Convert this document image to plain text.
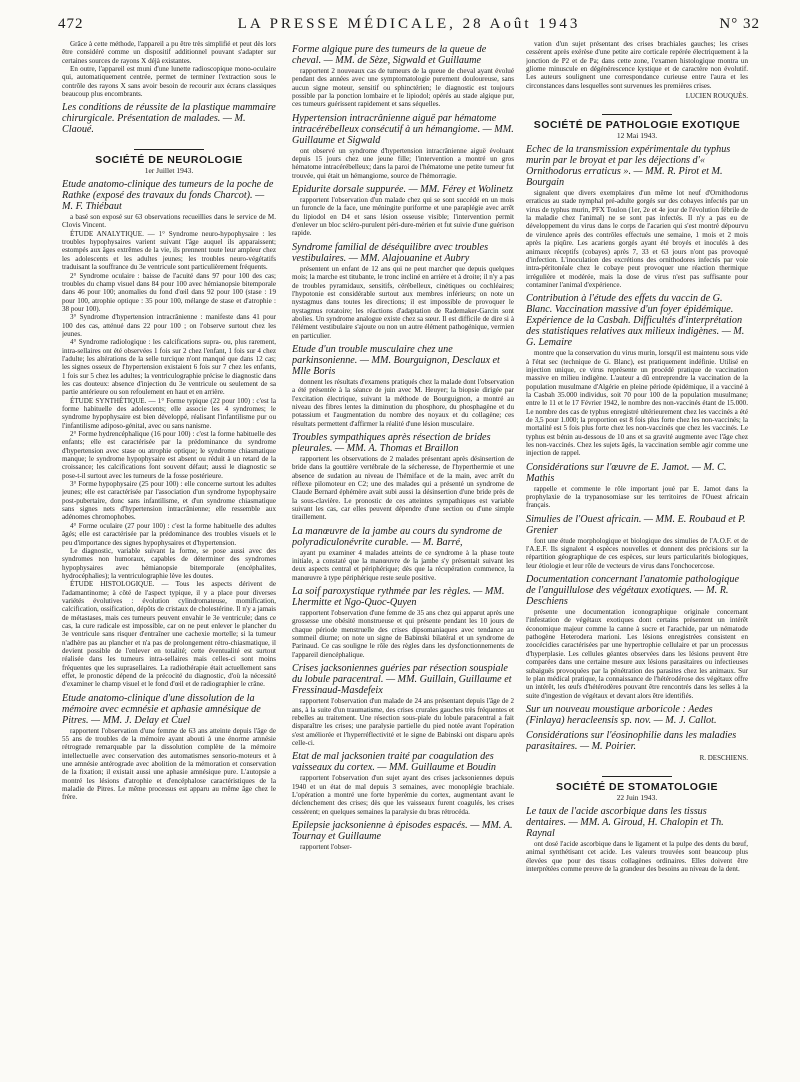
472	LA PRESSE MÉDICALE, 28 Août 1943	N° 32

Grâce à cette méthode, l'appareil a pu être très simplifié et peut dès lors être considéré comme un dispositif additionnel pouvant s'adapter sur certaines sources de rayons X déjà existantes.

En outre, l'appareil est muni d'une lunette radioscopique mono-oculaire qui, automatiquement centrée, permet de terminer l'extraction sous le contrôle des rayons X sans avoir besoin de recourir aux écrans classiques beaucoup plus encombrants.

Les conditions de réussite de la plastique mammaire chirurgicale. Présentation de malades. — M. Claoué.
SOCIÉTÉ DE NEUROLOGIE
1er Juillet 1943.
Etude anatomo-clinique des tumeurs de la poche de Rathke (exposé des travaux du fonds Charcot). — M. F. Thiébaut

a basé son exposé sur 63 observations recueillies dans le service de M. Clovis Vincent.

ÉTUDE ANALYTIQUE. — 1° Syndrome neuro-hypophysaire : les troubles hypophysaires varient suivant l'âge auquel ils apparaissent; estompés aux âges extrêmes de la vie, ils prennent toute leur ampleur chez les adolescents et les adultes jeunes; les troubles neuro-végétatifs traduisant la souffrance du 3e ventricule sont particulièrement fréquents.

2° Syndrome oculaire : baisse de l'acuité dans 97 pour 100 des cas; troubles du champ visuel dans 84 pour 100 avec hémianopsie bitemporale dans 46 pour 100; anomalies du fond d'œil dans 92 pour 100 (stase : 19 pour 100, atrophie optique : 35 pour 100, mélange de stase et d'atrophie : 38 pour 100).

3° Syndrome d'hypertension intracrânienne : manifeste dans 41 pour 100 des cas, atténué dans 22 pour 100 ; on l'observe surtout chez les jeunes.

4° Syndrome radiologique : les calcifications supra- ou, plus rarement, intra-sellaires ont été observées 1 fois sur 2 chez l'enfant, 1 fois sur 4 chez l'adulte; les altérations de la selle turcique n'ont manqué que dans 12 cas; les signes osseux de l'hypertension existaient 6 fois sur 7 chez les enfants, 1 fois sur 5 chez les adultes; la ventriculographie précise le diagnostic dans les cas douteux: absence d'injection du 3e ventricule ou seulement de sa partie antérieure ou son refoulement en haut et en arrière.

ÉTUDE SYNTHÉTIQUE. — 1° Forme typique (22 pour 100) : c'est la forme habituelle des adolescents; elle associe les 4 syndromes; le syndrome hypophysaire est bien développé, réalisant l'infantilisme pur ou l'infantilisme adiposo-génital, avec ou sans nanisme.

2° Forme hydrencéphalique (16 pour 100) : c'est la forme habituelle des enfants; elle est caractérisée par la prédominance du syndrome d'hypertension avec stase ou atrophie optique; le syndrome chiasmatique manque; le syndrome hypophysaire est absent ou réduit à un retard de la croissance; les calcifications font souvent défaut; aussi le diagnostic se pose-t-il surtout avec les tumeurs de la fosse postérieure.

3° Forme hypophysaire (25 pour 100) : elle concerne surtout les adultes jeunes; elle est caractérisée par l'association d'un syndrome hypophysaire post-pubertaire, donc sans infantilisme, et d'un syndrome chiasmatique sans signes nets d'hypertension intracrânienne; elle ressemble aux adénomes chromophobes.

4° Forme oculaire (27 pour 100) : c'est la forme habituelle des adultes âgés; elle est caractérisée par la prédominance des troubles visuels et le peu d'importance des signes hypophysaires et d'hypertension.

Le diagnostic, variable suivant la forme, se pose aussi avec des syndromes non humoraux, capables de déterminer des syndromes hypophysaires avec hémianopsie bitemporale (encéphalites, hydrocéphalies); la ventriculographie lève les doutes.

ÉTUDE HISTOLOGIQUE. — Tous les aspects dérivent de l'adamantinome; à côté de l'aspect typique, il y a place pour diverses variétés évolutives : évolution cylindromateuse, momification, calcification, ossification, dépôts de cristaux de cholestérine. Il n'y a jamais de métastases, mais ces tumeurs peuvent envahir le 3e ventricule; dans ce cas, la cure radicale est impossible, car on ne peut enlever le plancher du 3e ventricule sans risquer d'entraîner une cachexie mortelle; si la tumeur n'adhère pas au plancher et n'a pas de prolongement rétro-chiasmatique, il devient possible de l'enlever en totalité; cette éventualité est surtout réalisée dans les tumeurs intra-sellaires mais celles-ci sont moins fréquentes que les suprasellaires. La radiothérapie était actuellement sans effet, le pronostic dépend de la précocité du diagnostic, d'où la nécessité d'examiner le champ visuel et le fond d'œil et de radiographier le crâne.

Etude anatomo-clinique d'une dissolution de la mémoire avec ecmnésie et aphasie amnésique de Pitres. — MM. J. Delay et Cuel

rapportent l'observation d'une femme de 63 ans atteinte depuis l'âge de 55 ans de troubles de la mémoire ayant abouti à une énorme amnésie rétrograde remarquable par la dissolution complète de la mémoire intellectuelle avec conservation des automatismes sensorio-moteurs et à une amnésie antérograde avec abolition de la mémoration et conservation de la fixation; il existait aussi une aphasie amnésique pure. L'autopsie a montré les lésions d'atrophie et d'encéphalose caractéristiques de la maladie de Pitres. Le même processus est apparu au même âge chez le frère.

Forme algique pure des tumeurs de la queue de cheval. — MM. de Sèze, Sigwald et Guillaume

rapportent 2 nouveaux cas de tumeurs de la queue de cheval ayant évolué pendant des années avec une symptomatologie purement douloureuse, sans aucun signe moteur, sensitif ou sphinctérien; le diagnostic est toujours possible par la ponction lombaire et le lipiodol; opérés au stade algique pur, ces tumeurs guérissent rapidement et sans séquelles.

Hypertension intracrânienne aiguë par hématome intracérébelleux consécutif à un hémangiome. — MM. Guillaume et Sigwald

ont observé un syndrome d'hypertension intracrânienne aiguë évoluant depuis 15 jours chez une jeune fille; l'intervention a montré un gros hématome intracérébelleux; dans la paroi de l'hématome une petite tumeur fut trouvée, qui était un hémangiome, source de l'hémorragie.

Epidurite dorsale suppurée. — MM. Férey et Wolinetz

rapportent l'observation d'un malade chez qui se sont succédé en un mois un furoncle de la face, une méningite puriforme et une paraplégie avec arrêt du lipiodol en D4 et sans lésion osseuse visible; l'intervention permit d'enlever un bloc scléro-purulent péri-dure-mérien et fut suivie d'une guérison rapide.

Syndrome familial de déséquilibre avec troubles vestibulaires. — MM. Alajouanine et Aubry

présentent un enfant de 12 ans qui ne peut marcher que depuis quelques mois; la marche est titubante, le tronc incliné en arrière et à droite; il n'y a pas de troubles pyramidaux, sensitifs, cérébelleux, cinétiques ou cochléaires; l'hypotonie est considérable surtout aux membres inférieurs; on note un nystagmus dans toutes les directions; il est impossible de provoquer le nystagmus rotatoire; les réactions d'adaptation de Rademaker-Garcin sont abolies. Un syndrome analogue existe chez sa sœur. Il est difficile de dire si à l'élément vestibulaire s'ajoute ou non un autre élément pathogénique, vermien en particulier.

Etude d'un trouble musculaire chez une parkinsonienne. — MM. Bourguignon, Desclaux et Mlle Boris

donnent les résultats d'examens pratiqués chez la malade dont l'observation a été présentée à la séance de juin avec M. Heuyer; la biopsie dirigée par l'excitation électrique, suivant la méthode de Bourguignon, a montré au niveau des fibres lentes la diminution du phosphore, du phosphagène et du potassium et l'augmentation du nombre des noyaux et du collagène; ces résultats permettent d'affirmer la réalité d'une lésion musculaire.

Troubles sympathiques après résection de brides pleurales. — MM. A. Thomas et Braillon

rapportent les observations de 2 malades présentant après désinsertion de bride dans la gouttière vertébrale de la sécheresse, de l'hyperthermie et une absence de sudation au niveau de l'hémiface et de la main, avec arrêt du réflexe pilomoteur en C2; une des malades qui a présenté un syndrome de Claude Bernard éphémère avait subi aussi la désinsertion d'une bride près de la sous-clavière. Le pronostic de ces atteintes sympathiques est variable suivant les cas, car elles peuvent dépendre d'une section ou d'une simple tiraillement.

La manœuvre de la jambe au cours du syndrome de polyradiculonévrite curable. — M. Barré,

ayant pu examiner 4 malades atteints de ce syndrome à la phase toute initiale, a constaté que la manœuvre de la jambe s'y présentait suivant les deux aspects central et périphérique; dès que la récupération commence, la manœuvre à type périphérique reste seule positive.

La soif paroxystique rythmée par les règles. — MM. Lhermitte et Ngo-Quoc-Quyen

rapportent l'observation d'une femme de 35 ans chez qui apparut après une grossesse une obésité monstrueuse et qui présente pendant les 10 jours de chaque période menstruelle des crises dipsomaniaques avec tendance au sommeil diurne; on note un signe de Babinski bilatéral et un syndrome de Parinaud. Ce cas souligne le rôle des règles dans les dysfonctionnements de l'appareil diencéphalique.

Crises jacksoniennes guéries par résection souspiale du lobule paracentral. — MM. Guillain, Guillaume et Fressinaud-Masdefeix

rapportent l'observation d'un malade de 24 ans présentant depuis l'âge de 2 ans, à la suite d'un traumatisme, des crises crurales gauches très fréquentes et rebelles au traitement. Une résection sous-piale du lobule paracentral a fait disparaître les crises; une paralysie partielle du pied notée avant l'opération s'est améliorée et l'hyperréflectivité et le signe de Babinski ont disparu après celle-ci.

Etat de mal jacksonien traité par coagulation des vaisseaux du cortex. — MM. Guillaume et Boudin

rapportent l'observation d'un sujet ayant des crises jacksoniennes depuis 1940 et un état de mal depuis 3 semaines, avec monoplégie brachiale. L'opération a montré une forte hyperémie du cortex, augmentant avant le déclenchement des crises; dès que les vaisseaux furent coagulés, les crises cessèrent; en quelques semaines la paralysie du bras rétrocéda.

Epilepsie jacksonienne à épisodes espacés. — MM. A. Tournay et Guillaume

rapportent l'obser-

vation d'un sujet présentant des crises brachiales gauches; les crises cessèrent après exérèse d'une petite aire corticale repérée électriquement à la jonction de P2 et de Pa; dans cette zone, l'examen histologique montra un gliome minuscule en dégénérescence kystique et de caractère non évolutif. Les auteurs soulignent une correspondance curieuse entre l'aura et les circonstances dans lesquelles sont survenues les premières crises.

LUCIEN ROUQUÈS.
SOCIÉTÉ DE PATHOLOGIE EXOTIQUE
12 Mai 1943.
Echec de la transmission expérimentale du typhus murin par le broyat et par les déjections d'« Ornithodorus erraticus ». — MM. R. Pirot et M. Bourgain

signalent que divers exemplaires d'un même lot neuf d'Ornithodorus erraticus au stade nymphal pré-adulte gorgés sur des cobayes infectés par un virus de typhus murin, PFX Toulon (1er, 2e et 4e jour de l'évolution fébrile de la maladie chez l'animal) ne se sont pas infectés. Il n'y a pas eu de développement du virus dans le corps de l'acarien qui s'est montré dépourvu de virulence après des contrôles effectués une semaine, 1 mois et 2 mois après la piqûre. Les acariens gorgés ayant été broyés et inoculés à des animaux réceptifs (cobayes) après 7, 33 et 63 jours n'ont pas provoqué d'infection. L'inoculation des excrétions des ornithodores infectés par voie intra-péritonéale chez le cobaye peut provoquer une réaction thermique irrégulière et modérée, mais la dose de virus n'est pas suffisante pour contaminer l'animal d'expérience.

Contribution à l'étude des effets du vaccin de G. Blanc. Vaccination massive d'un foyer épidémique. Expérience de la Casbah. Difficultés d'interprétation des statistiques relatives aux milieux indigènes. — M. G. Lemaire

montre que la conservation du virus murin, lorsqu'il est maintenu sous vide à l'état sec (technique de G. Blanc), est pratiquement indéfinie. Utilisé en injection unique, ce virus représente un procédé pratique de vaccination massive en milieu indigène. L'auteur a dû entreprendre la vaccination de la population musulmane d'Algérie en pleine période épidémique, il a vacciné à la Casbah 35.000 individus, soit 70 pour 100 de la population musulmane; entre le 11 et le 17 Février 1942, le nombre des non-vaccinés étant de 15.000. Le nombre des cas de typhus enregistré ultérieurement chez les vaccinés a été de 3,5 pour 1.000; la proportion est 8 fois plus forte chez les non-vaccinés; la mortalité est 5 fois plus forte chez les non-vaccinés que chez les vaccinés. Le typhus est bénin au-dessous de 10 ans et sa gravité augmente avec l'âge chez les non-vaccinés. Chez les sujets âgés, la vaccination semble agir comme une injection de rappel.

Considérations sur l'œuvre de E. Jamot. — M. C. Mathis

rappelle et commente le rôle important joué par E. Jamot dans la prophylaxie de la trypanosomiase sur les territoires de l'Ouest africain français.

Simulies de l'Ouest africain. — MM. E. Roubaud et P. Grenier

font une étude morphologique et biologique des simulies de l'A.O.F. et de l'A.E.F. Ils signalent 4 espèces nouvelles et donnent des précisions sur la répartition géographique de ces espèces, sur leurs particularités biologiques, leur étiologie et leur rôle de vecteurs de virus dans l'onchocercose.

Documentation concernant l'anatomie pathologique de l'anguillulose des végétaux exotiques. — M. R. Deschiens

présente une documentation iconographique originale concernant l'infestation de végétaux exotiques dont certains présentent un intérêt économique majeur comme la canne à sucre et l'arachide, par un nématode pathogène Heterodera marioni. Les lésions enregistrées consistent en zoocécidies caractérisées par une hypertrophie cellulaire et par un processus d'hyperplasie. Les cellules géantes observées dans les lésions peuvent être comparées dans une certaine mesure aux lésions parasitaires ou infectieuses subaiguës provoquées par la pénétration des parasites chez les animaux. Sur le plan médical pratique, la connaissance de l'hétérodérose des végétaux offre un intérêt, les œufs d'hétérodères pouvant être rencontrés dans les selles à la suite d'ingestion de végétaux et devant alors être identifiés.

Sur un nouveau moustique arboricole : Aedes (Finlaya) heracleensis sp. nov. — M. J. Callot.
Considérations sur l'éosinophilie dans les maladies parasitaires. — M. Poirier.
R. DESCHIENS.
SOCIÉTÉ DE STOMATOLOGIE
22 Juin 1943.
Le taux de l'acide ascorbique dans les tissus dentaires. — MM. A. Giroud, H. Chalopin et Th. Raynal

ont dosé l'acide ascorbique dans le ligament et la pulpe des dents du bœuf, animal synthétisant cet acide. Les valeurs trouvées sont beaucoup plus élevées que pour des tissus collagènes ordinaires. Elles doivent être interprétées comme preuve de la grandeur des besoins au niveau de la dent.
